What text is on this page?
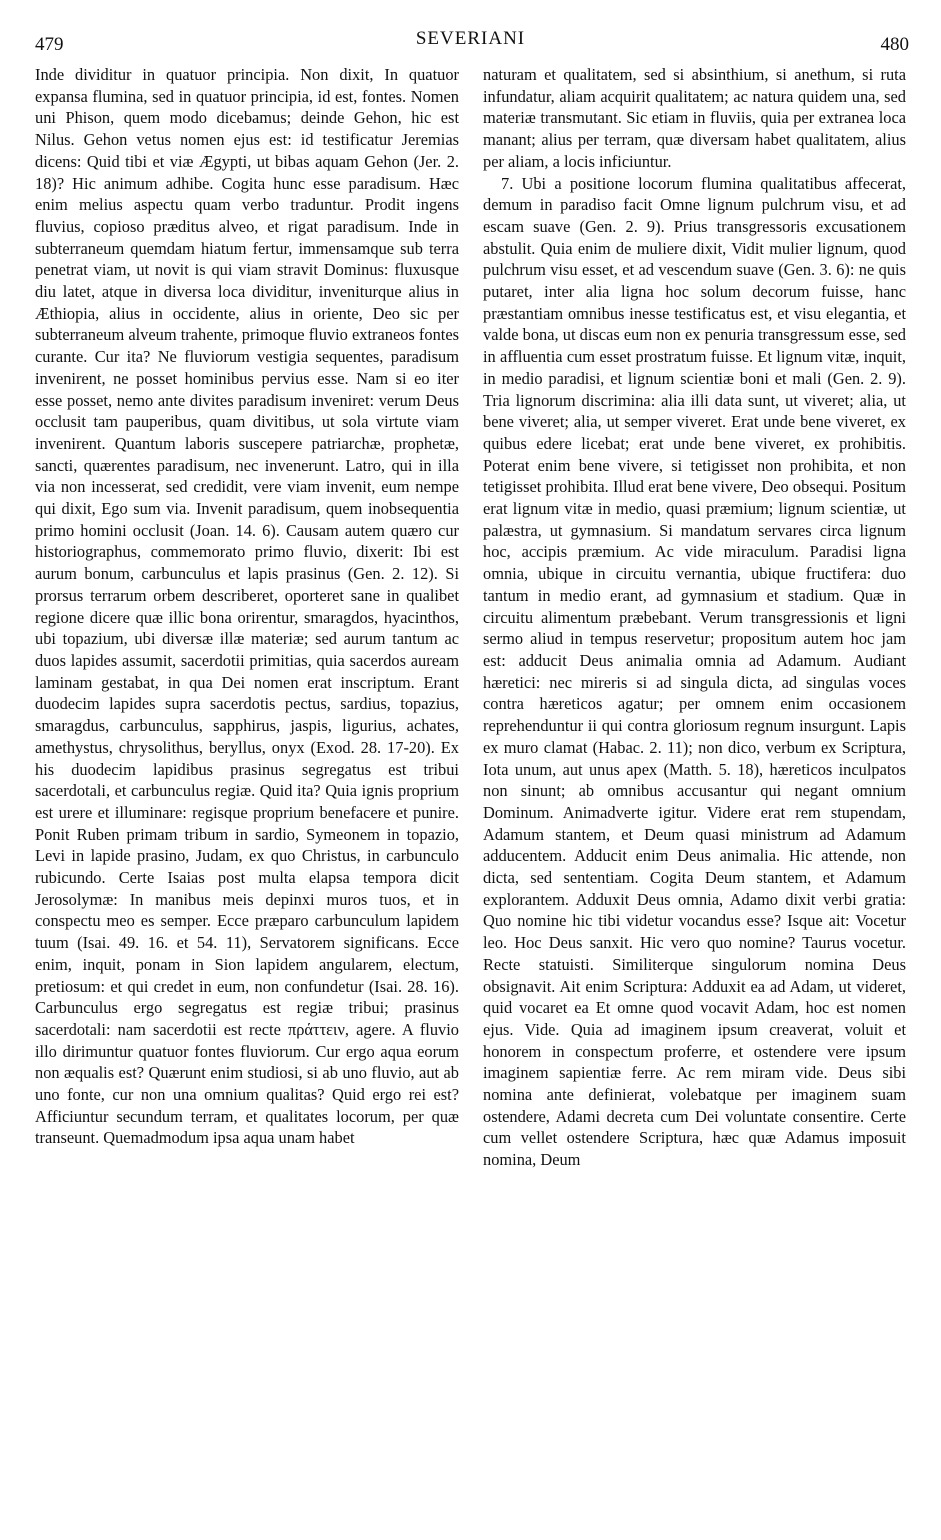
479	SEVERIANI	480

Inde dividitur in quatuor principia. Non dixit, In quatuor expansa flumina, sed in quatuor principia, id est, fontes. Nomen uni Phison, quem modo dicebamus; deinde Gehon, hic est Nilus. Gehon vetus nomen ejus est: id testificatur Jeremias dicens: Quid tibi et viæ Ægypti, ut bibas aquam Gehon (Jer. 2. 18)? Hic animum adhibe. Cogita hunc esse paradisum. Hæc enim melius aspectu quam verbo traduntur. Prodit ingens fluvius, copioso præditus alveo, et rigat paradisum. Inde in subterraneum quemdam hiatum fertur, immensamque sub terra penetrat viam, ut novit is qui viam stravit Dominus: fluxusque diu latet, atque in diversa loca dividitur, inveniturque alius in Æthiopia, alius in occidente, alius in oriente, Deo sic per subterraneum alveum trahente, primoque fluvio extraneos fontes curante. Cur ita? Ne fluviorum vestigia sequentes, paradisum invenirent, ne posset hominibus pervius esse. Nam si eo iter esse posset, nemo ante divites paradisum inveniret: verum Deus occlusit tam pauperibus, quam divitibus, ut sola virtute viam invenirent. Quantum laboris suscepere patriarchæ, prophetæ, sancti, quærentes paradisum, nec invenerunt. Latro, qui in illa via non incesserat, sed credidit, vere viam invenit, eum nempe qui dixit, Ego sum via. Invenit paradisum, quem inobsequentia primo homini occlusit (Joan. 14. 6). Causam autem quæro cur historiographus, commemorato primo fluvio, dixerit: Ibi est aurum bonum, carbunculus et lapis prasinus (Gen. 2. 12). Si prorsus terrarum orbem describeret, oporteret sane in qualibet regione dicere quæ illic bona orirentur, smaragdos, hyacinthos, ubi topazium, ubi diversæ illæ materiæ; sed aurum tantum ac duos lapides assumit, sacerdotii primitias, quia sacerdos auream laminam gestabat, in qua Dei nomen erat inscriptum. Erant duodecim lapides supra sacerdotis pectus, sardius, topazius, smaragdus, carbunculus, sapphirus, jaspis, ligurius, achates, amethystus, chrysolithus, beryllus, onyx (Exod. 28. 17-20). Ex his duodecim lapidibus prasinus segregatus est tribui sacerdotali, et carbunculus regiæ. Quid ita? Quia ignis proprium est urere et illuminare: regisque proprium benefacere et punire. Ponit Ruben primam tribum in sardio, Symeonem in topazio, Levi in lapide prasino, Judam, ex quo Christus, in carbunculo rubicundo. Certe Isaias post multa elapsa tempora dicit Jerosolymæ: In manibus meis depinxi muros tuos, et in conspectu meo es semper. Ecce præparo carbunculum lapidem tuum (Isai. 49. 16. et 54. 11), Servatorem significans. Ecce enim, inquit, ponam in Sion lapidem angularem, electum, pretiosum: et qui credet in eum, non confundetur (Isai. 28. 16). Carbunculus ergo segregatus est regiæ tribui; prasinus sacerdotali: nam sacerdotii est recte πράττειν, agere. A fluvio illo dirimuntur quatuor fontes fluviorum. Cur ergo aqua eorum non æqualis est? Quærunt enim studiosi, si ab uno fluvio, aut ab uno fonte, cur non una omnium qualitas? Quid ergo rei est? Afficiuntur secundum terram, et qualitates locorum, per quæ transeunt. Quemadmodum ipsa aqua unam habet

naturam et qualitatem, sed si absinthium, si anethum, si ruta infundatur, aliam acquirit qualitatem; ac natura quidem una, sed materiæ transmutant. Sic etiam in fluviis, quia per extranea loca manant; alius per terram, quæ diversam habet qualitatem, alius per aliam, a locis inficiuntur.

7. Ubi a positione locorum flumina qualitatibus affecerat, demum in paradiso facit Omne lignum pulchrum visu, et ad escam suave (Gen. 2. 9). Prius transgressoris excusationem abstulit. Quia enim de muliere dixit, Vidit mulier lignum, quod pulchrum visu esset, et ad vescendum suave (Gen. 3. 6): ne quis putaret, inter alia ligna hoc solum decorum fuisse, hanc præstantiam omnibus inesse testificatus est, et visu elegantia, et valde bona, ut discas eum non ex penuria transgressum esse, sed in affluentia cum esset prostratum fuisse. Et lignum vitæ, inquit, in medio paradisi, et lignum scientiæ boni et mali (Gen. 2. 9). Tria lignorum discrimina: alia illi data sunt, ut viveret; alia, ut bene viveret; alia, ut semper viveret. Erat unde bene viveret, ex quibus edere licebat; erat unde bene viveret, ex prohibitis. Poterat enim bene vivere, si tetigisset non prohibita, et non tetigisset prohibita. Illud erat bene vivere, Deo obsequi. Positum erat lignum vitæ in medio, quasi præmium; lignum scientiæ, ut palæstra, ut gymnasium. Si mandatum servares circa lignum hoc, accipis præmium. Ac vide miraculum. Paradisi ligna omnia, ubique in circuitu vernantia, ubique fructifera: duo tantum in medio erant, ad gymnasium et stadium. Quæ in circuitu alimentum præbebant. Verum transgressionis et ligni sermo aliud in tempus reservetur; propositum autem hoc jam est: adducit Deus animalia omnia ad Adamum. Audiant hæretici: nec mireris si ad singula dicta, ad singulas voces contra hæreticos agatur; per omnem enim occasionem reprehenduntur ii qui contra gloriosum regnum insurgunt. Lapis ex muro clamat (Habac. 2. 11); non dico, verbum ex Scriptura, Iota unum, aut unus apex (Matth. 5. 18), hæreticos inculpatos non sinunt; ab omnibus accusantur qui negant omnium Dominum. Animadverte igitur. Videre erat rem stupendam, Adamum stantem, et Deum quasi ministrum ad Adamum adducentem. Adducit enim Deus animalia. Hic attende, non dicta, sed sententiam. Cogita Deum stantem, et Adamum explorantem. Adduxit Deus omnia, Adamo dixit verbi gratia: Quo nomine hic tibi videtur vocandus esse? Isque ait: Vocetur leo. Hoc Deus sanxit. Hic vero quo nomine? Taurus vocetur. Recte statuisti. Similiterque singulorum nomina Deus obsignavit. Ait enim Scriptura: Adduxit ea ad Adam, ut videret, quid vocaret ea Et omne quod vocavit Adam, hoc est nomen ejus. Vide. Quia ad imaginem ipsum creaverat, voluit et honorem in conspectum proferre, et ostendere vere ipsum imaginem sapientiæ ferre. Ac rem miram vide. Deus sibi nomina ante definierat, volebatque per imaginem suam ostendere, Adami decreta cum Dei voluntate consentire. Certe cum vellet ostendere Scriptura, hæc quæ Adamus imposuit nomina, Deum
